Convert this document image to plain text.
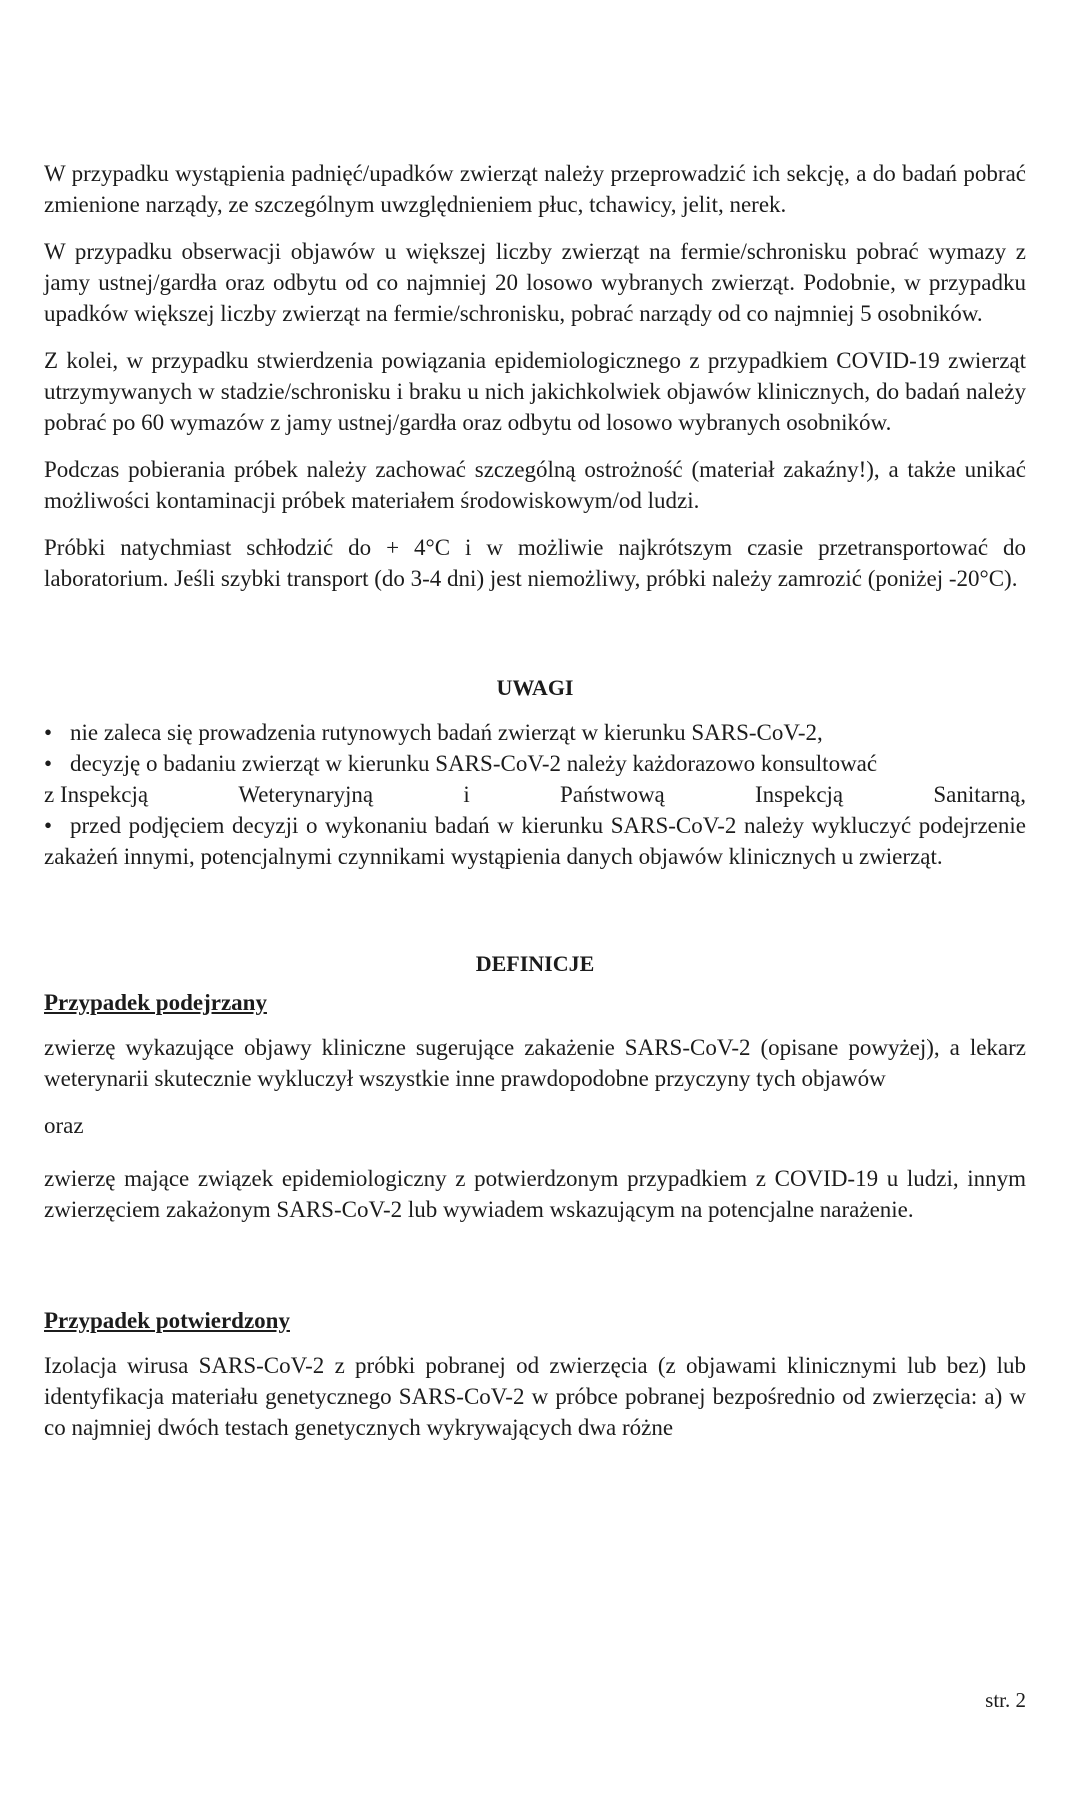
W przypadku wystąpienia padnięć/upadków zwierząt należy przeprowadzić ich sekcję, a do badań pobrać zmienione narządy, ze szczególnym uwzględnieniem płuc, tchawicy, jelit, nerek.

W przypadku obserwacji objawów u większej liczby zwierząt na fermie/schronisku pobrać wymazy z jamy ustnej/gardła oraz odbytu od co najmniej 20 losowo wybranych zwierząt. Podobnie, w przypadku upadków większej liczby zwierząt na fermie/schronisku, pobrać narządy od co najmniej 5 osobników.

Z kolei, w przypadku stwierdzenia powiązania epidemiologicznego z przypadkiem COVID-19 zwierząt utrzymywanych w stadzie/schronisku i braku u nich jakichkolwiek objawów klinicznych, do badań należy pobrać po 60 wymazów z jamy ustnej/gardła oraz odbytu od losowo wybranych osobników.

Podczas pobierania próbek należy zachować szczególną ostrożność (materiał zakaźny!), a także unikać możliwości kontaminacji próbek materiałem środowiskowym/od ludzi.

Próbki natychmiast schłodzić do + 4°C i w możliwie najkrótszym czasie przetransportować do laboratorium. Jeśli szybki transport (do 3-4 dni) jest niemożliwy, próbki należy zamrozić (poniżej -20°C).

UWAGI

• nie zaleca się prowadzenia rutynowych badań zwierząt w kierunku SARS-CoV-2,
• decyzję o badaniu zwierząt w kierunku SARS-CoV-2 należy każdorazowo konsultować
z Inspekcją	Weterynaryjną	i	Państwową	Inspekcją	Sanitarną,
• przed podjęciem decyzji o wykonaniu badań w kierunku SARS-CoV-2 należy wykluczyć podejrzenie zakażeń innymi, potencjalnymi czynnikami wystąpienia danych objawów klinicznych u zwierząt.

DEFINICJE

Przypadek podejrzany

zwierzę wykazujące objawy kliniczne sugerujące zakażenie SARS-CoV-2 (opisane powyżej), a lekarz weterynarii skutecznie wykluczył wszystkie inne prawdopodobne przyczyny tych objawów

oraz

zwierzę mające związek epidemiologiczny z potwierdzonym przypadkiem z COVID-19 u ludzi, innym zwierzęciem zakażonym SARS-CoV-2 lub wywiadem wskazującym na potencjalne narażenie.

Przypadek potwierdzony

Izolacja wirusa SARS-CoV-2 z próbki pobranej od zwierzęcia (z objawami klinicznymi lub bez) lub identyfikacja materiału genetycznego SARS-CoV-2 w próbce pobranej bezpośrednio od zwierzęcia: a) w co najmniej dwóch testach genetycznych wykrywających dwa różne

str. 2
